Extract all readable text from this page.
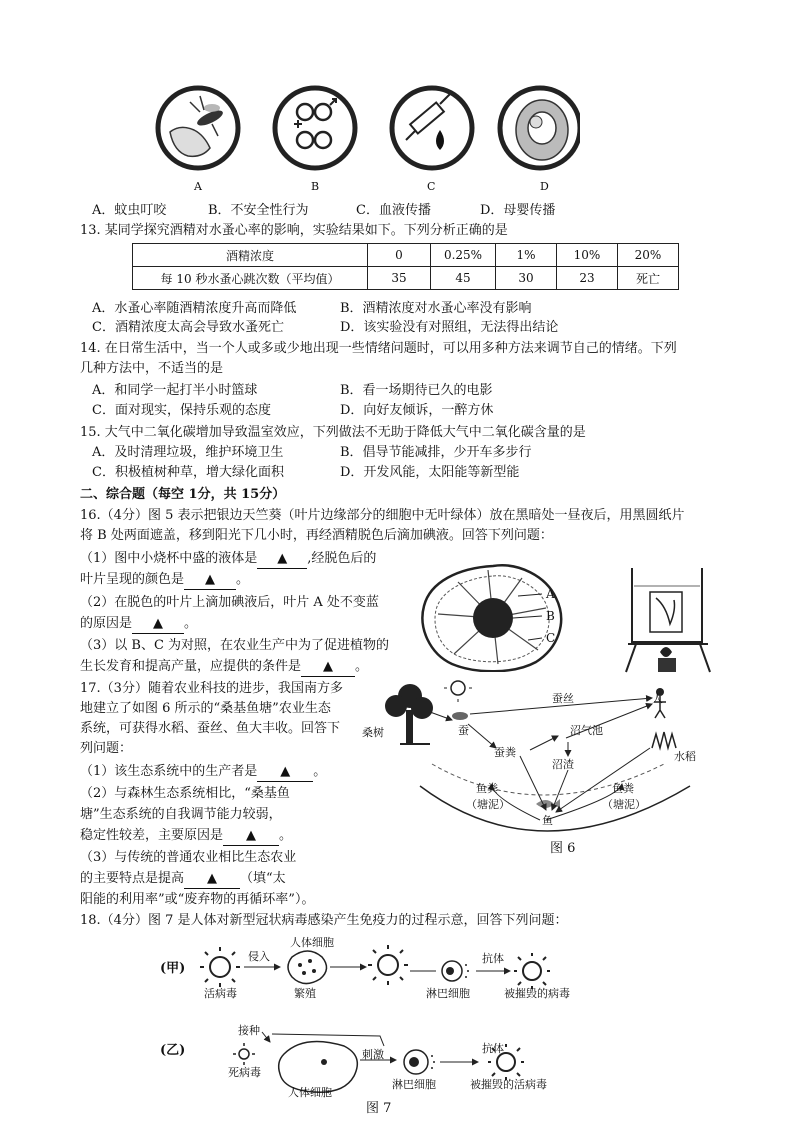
A	B	C	D
A．蚊虫叮咬	B．不安全性行为	C．血液传播	D．母婴传播
13. 某同学探究酒精对水蚤心率的影响，实验结果如下。下列分析正确的是
酒精浓度	0	0.25%	1%	10%	20%
每 10 秒水蚤心跳次数（平均值）	35	45	30	23	死亡
A．水蚤心率随酒精浓度升高而降低	B．酒精浓度对水蚤心率没有影响
C．酒精浓度太高会导致水蚤死亡	D．该实验没有对照组，无法得出结论
14. 在日常生活中，当一个人或多或少地出现一些情绪问题时，可以用多种方法来调节自己的情绪。下列
几种方法中，不适当的是
A．和同学一起打半小时篮球	B．看一场期待已久的电影
C．面对现实，保持乐观的态度	D．向好友倾诉，一醉方休
15. 大气中二氧化碳增加导致温室效应，下列做法不无助于降低大气中二氧化碳含量的是
A．及时清理垃圾，维护环境卫生	B．倡导节能减排，少开车多步行
C．积极植树种草，增大绿化面积	D．开发风能，太阳能等新型能
二、综合题（每空 1分，共 15分）
16.（4分）图 5 表示把银边天竺葵（叶片边缘部分的细胞中无叶绿体）放在黑暗处一昼夜后，用黑圆纸片
将 B 处两面遮盖，移到阳光下几小时，再经酒精脱色后滴加碘液。回答下列问题：
（1）图中小烧杯中盛的液体是 ▲ ,经脱色后的
叶片呈现的颜色是 ▲ 。
（2）在脱色的叶片上滴加碘液后，叶片 A 处不变蓝
的原因是 ▲ 。
（3）以 B、C 为对照，在农业生产中为了促进植物的
生长发育和提高产量，应提供的条件是 ▲ 。
A
B
C
17.（3分）随着农业科技的进步，我国南方多
地建立了如图 6 所示的“桑基鱼塘”农业生态
系统，可获得水稻、蚕丝、鱼大丰收。回答下
列问题：
（1）该生态系统中的生产者是 ▲ 。
（2）与森林生态系统相比，“桑基鱼
塘”生态系统的自我调节能力较弱，
稳定性较差，主要原因是 ▲ 。
（3）与传统的普通农业相比生态农业
的主要特点是提高 ▲ （填“太
阳能的利用率”或“废弃物的再循环率”）。
桑树	蚕
蚕丝	人
沼气池
蚕粪
沼渣
水稻
鱼粪
（塘泥）
鱼
鱼粪
（塘泥）
图 6
18.（4分）图 7 是人体对新型冠状病毒感染产生免疫力的过程示意，回答下列问题：
(甲)
活病毒
侵入
人体细胞
繁殖	淋巴细胞
抗体
被摧毁的病毒
(乙)
接种
死病毒
人体细胞
刺激
淋巴细胞
抗体
被摧毁的活病毒
图 7
